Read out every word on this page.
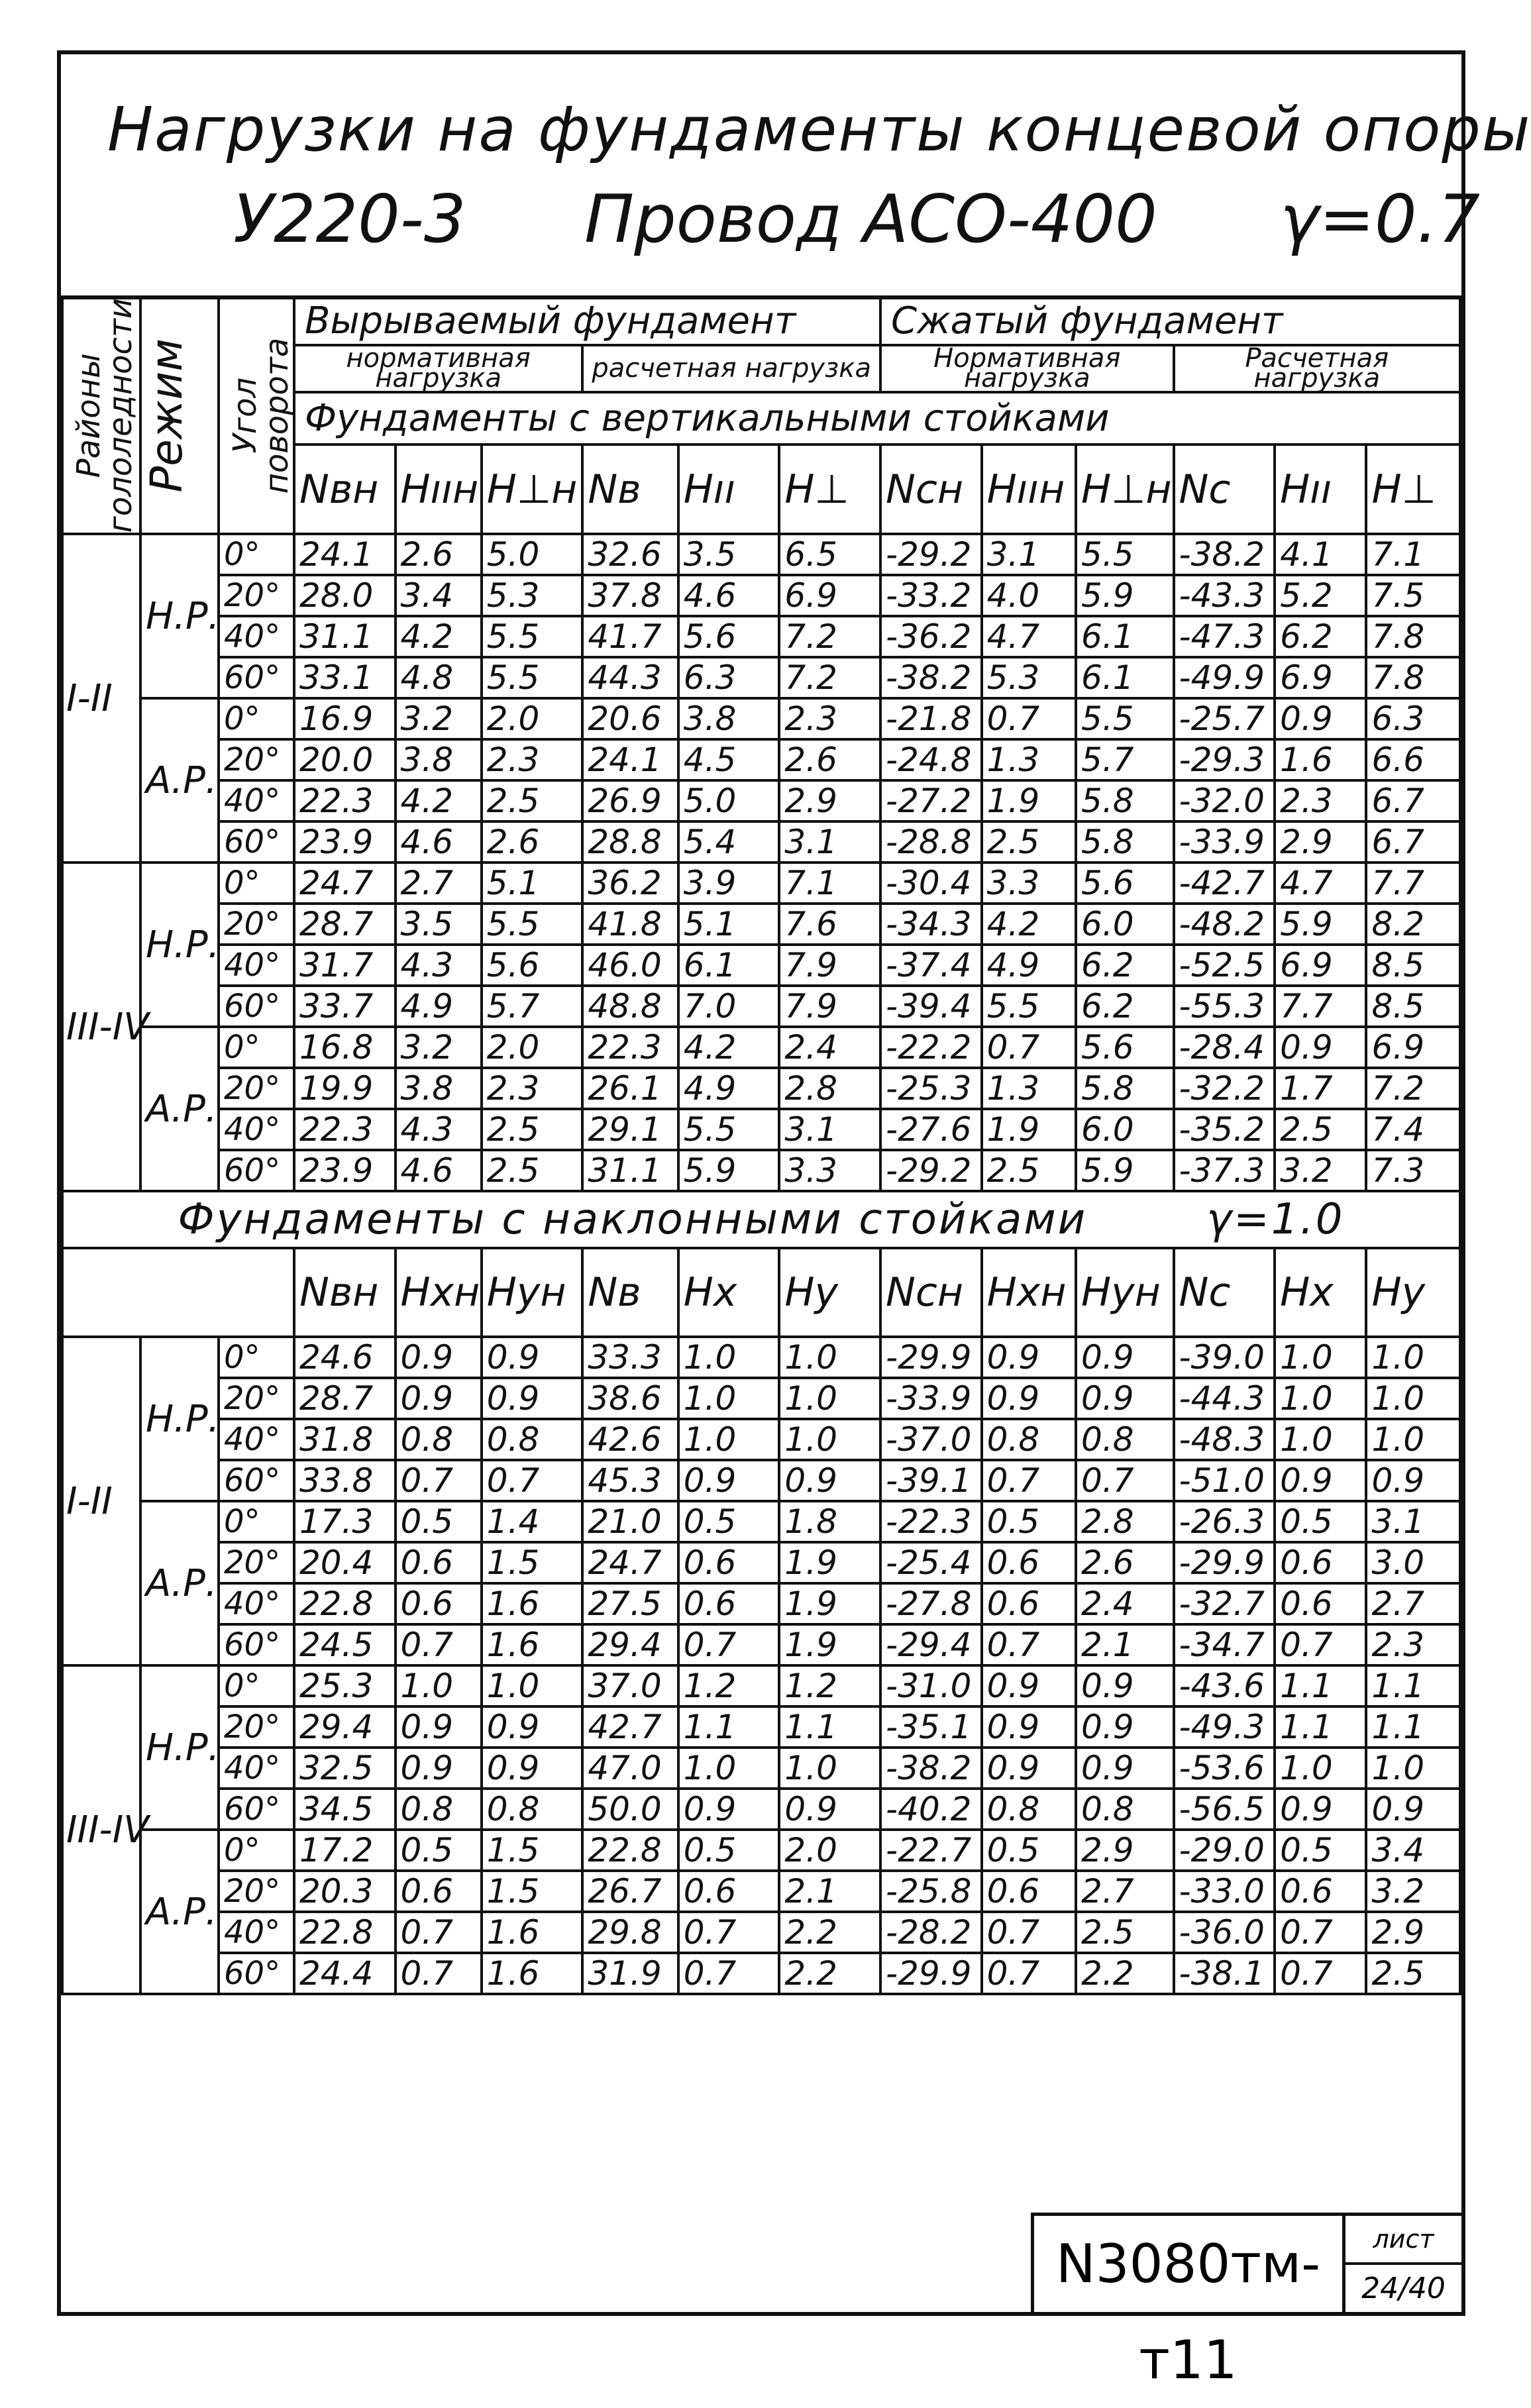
Нагрузки на фундаменты концевой опоры
У220-3 Провод АСО-400 γ=0.7
Районы гололедности	Режим	Угол поворота	Вырываемый фундамент						Сжатый фундамент					
			нормативная нагрузка			расчетная нагрузка			Нормативная нагрузка			Расчетная нагрузка		
			Фундаменты с вертикальными стойками											
			Nвн	Hııн	H⊥н	Nв	Hıı	H⊥	Ncн	Hııн	H⊥н	Nc	Hıı	H⊥
I-II	Н.Р.	0°	24.1	2.6	5.0	32.6	3.5	6.5	-29.2	3.1	5.5	-38.2	4.1	7.1
		20°	28.0	3.4	5.3	37.8	4.6	6.9	-33.2	4.0	5.9	-43.3	5.2	7.5
		40°	31.1	4.2	5.5	41.7	5.6	7.2	-36.2	4.7	6.1	-47.3	6.2	7.8
		60°	33.1	4.8	5.5	44.3	6.3	7.2	-38.2	5.3	6.1	-49.9	6.9	7.8
	А.Р.	0°	16.9	3.2	2.0	20.6	3.8	2.3	-21.8	0.7	5.5	-25.7	0.9	6.3
		20°	20.0	3.8	2.3	24.1	4.5	2.6	-24.8	1.3	5.7	-29.3	1.6	6.6
		40°	22.3	4.2	2.5	26.9	5.0	2.9	-27.2	1.9	5.8	-32.0	2.3	6.7
		60°	23.9	4.6	2.6	28.8	5.4	3.1	-28.8	2.5	5.8	-33.9	2.9	6.7
III-IV	Н.Р.	0°	24.7	2.7	5.1	36.2	3.9	7.1	-30.4	3.3	5.6	-42.7	4.7	7.7
		20°	28.7	3.5	5.5	41.8	5.1	7.6	-34.3	4.2	6.0	-48.2	5.9	8.2
		40°	31.7	4.3	5.6	46.0	6.1	7.9	-37.4	4.9	6.2	-52.5	6.9	8.5
		60°	33.7	4.9	5.7	48.8	7.0	7.9	-39.4	5.5	6.2	-55.3	7.7	8.5
	А.Р.	0°	16.8	3.2	2.0	22.3	4.2	2.4	-22.2	0.7	5.6	-28.4	0.9	6.9
		20°	19.9	3.8	2.3	26.1	4.9	2.8	-25.3	1.3	5.8	-32.2	1.7	7.2
		40°	22.3	4.3	2.5	29.1	5.5	3.1	-27.6	1.9	6.0	-35.2	2.5	7.4
		60°	23.9	4.6	2.5	31.1	5.9	3.3	-29.2	2.5	5.9	-37.3	3.2	7.3
Фундаменты с наклонными стойками γ=1.0														
			Nвн	Hxн	Hyн	Nв	Hx	Hy	Ncн	Hxн	Hyн	Nc	Hx	Hy
I-II	Н.Р.	0°	24.6	0.9	0.9	33.3	1.0	1.0	-29.9	0.9	0.9	-39.0	1.0	1.0
		20°	28.7	0.9	0.9	38.6	1.0	1.0	-33.9	0.9	0.9	-44.3	1.0	1.0
		40°	31.8	0.8	0.8	42.6	1.0	1.0	-37.0	0.8	0.8	-48.3	1.0	1.0
		60°	33.8	0.7	0.7	45.3	0.9	0.9	-39.1	0.7	0.7	-51.0	0.9	0.9
	А.Р.	0°	17.3	0.5	1.4	21.0	0.5	1.8	-22.3	0.5	2.8	-26.3	0.5	3.1
		20°	20.4	0.6	1.5	24.7	0.6	1.9	-25.4	0.6	2.6	-29.9	0.6	3.0
		40°	22.8	0.6	1.6	27.5	0.6	1.9	-27.8	0.6	2.4	-32.7	0.6	2.7
		60°	24.5	0.7	1.6	29.4	0.7	1.9	-29.4	0.7	2.1	-34.7	0.7	2.3
III-IV	Н.Р.	0°	25.3	1.0	1.0	37.0	1.2	1.2	-31.0	0.9	0.9	-43.6	1.1	1.1
		20°	29.4	0.9	0.9	42.7	1.1	1.1	-35.1	0.9	0.9	-49.3	1.1	1.1
		40°	32.5	0.9	0.9	47.0	1.0	1.0	-38.2	0.9	0.9	-53.6	1.0	1.0
		60°	34.5	0.8	0.8	50.0	0.9	0.9	-40.2	0.8	0.8	-56.5	0.9	0.9
	А.Р.	0°	17.2	0.5	1.5	22.8	0.5	2.0	-22.7	0.5	2.9	-29.0	0.5	3.4
		20°	20.3	0.6	1.5	26.7	0.6	2.1	-25.8	0.6	2.7	-33.0	0.6	3.2
		40°	22.8	0.7	1.6	29.8	0.7	2.2	-28.2	0.7	2.5	-36.0	0.7	2.9
		60°	24.4	0.7	1.6	31.9	0.7	2.2	-29.9	0.7	2.2	-38.1	0.7	2.5
N3080тм-т11
лист
24/40
